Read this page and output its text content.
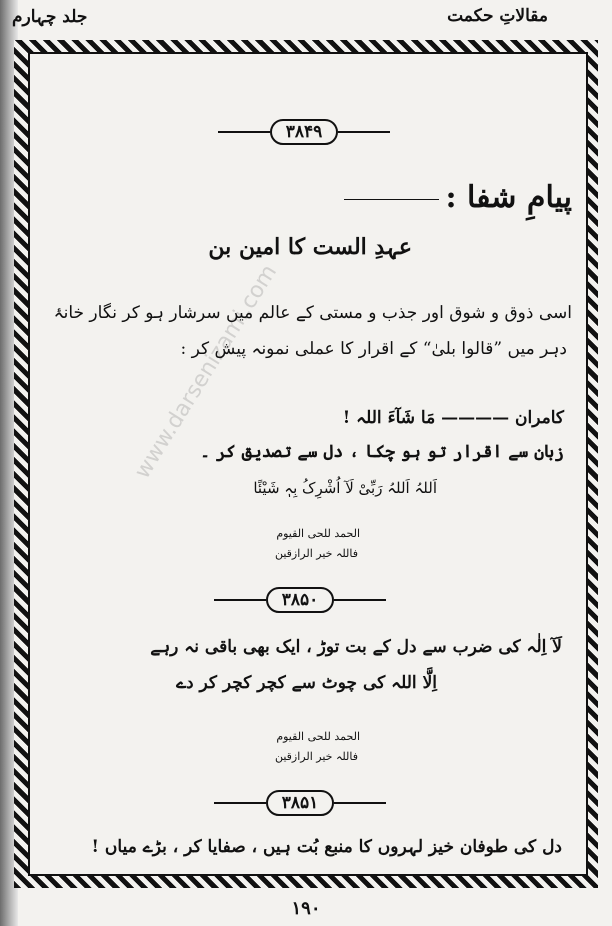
مقالاتِ حکمت
جلد چہارم
www.darsenizami.com
۳۸۴۹
پیامِ شفا :
عہدِ الست کا امین بن
اسی ذوق و شوق اور جذب و مستی کے عالم میں سرشار ہو کر نگار خانۂ
دہر میں ”قالوا بلیٰ“ کے اقرار کا عملی نمونہ پیش کر :
کامران ———— مَا شَآءَ اللہ !
زبان سے اقرار تو ہو چکا ، دل سے تصدیق کر ۔
اَللہُ اَللہُ رَبِّیْ لَآ اُشْرِکُ بِہٖ شَیْئًا
الحمد للحی القیوم
فاللہ خیر الرازقین
۳۸۵۰
لَآ اِلٰہ کی ضرب سے دل کے بت توڑ ، ایک بھی باقی نہ رہے
اِلَّا اللہ کی چوٹ سے کچر کچر کر دے
الحمد للحی القیوم
فاللہ خیر الرازقین
۳۸۵۱
دل کی طوفان خیز لہروں کا منبع بُت ہیں ، صفایا کر ، بڑے میاں !
۱۹۰
